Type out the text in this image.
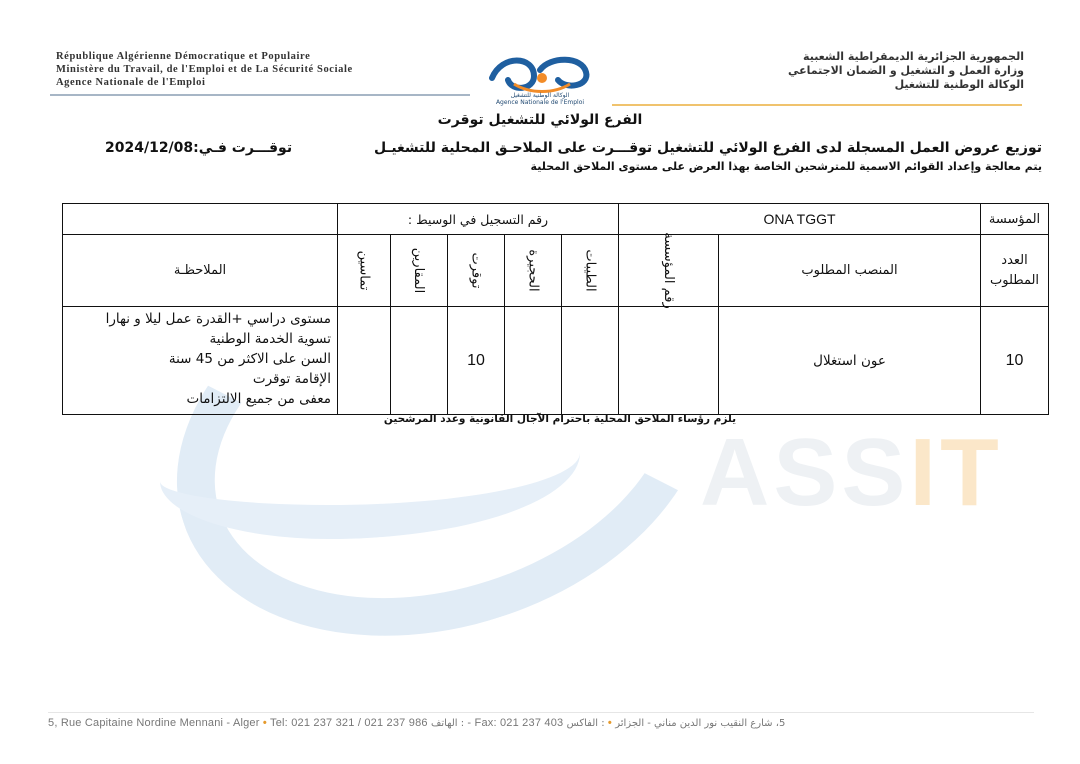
ASSIT
République Algérienne Démocratique et Populaire
Ministère du Travail, de l'Emploi et de La Sécurité Sociale
Agence Nationale de l'Emploi
الوكالة الوطنية للتشغيل
Agence Nationale de l'Emploi
الجمهورية الجزائرية الديمقراطية الشعبية
وزارة العمل و التشغيل و الضمان الاجتماعي
الوكالة الوطنية للتشغيل
الفرع الولائي للتشغيل توقرت
توزيع عروض العمل المسجلة لدى الفرع الولائي للتشغيل توقـــرت على الملاحـق المحلية للتشغيـل
توقـــرت فـي:2024/12/08
يتم معالجة وإعداد القوائم الاسمية للمترشحين الخاصة بهذا العرض على مستوى الملاحق المحلية
المؤسسة	ONA TGGT		رقم التسجيل في الوسيط :					
العدد المطلوب	المنصب المطلوب	رقم المؤسسة	الطيبات	الحجيرة	توقرت	المقارين	تماسين	الملاحظـة
10	عون استغلال				10			مستوى دراسي +القدرة عمل ليلا و نهارا
تسوية الخدمة الوطنية
السن على الاكثر من 45 سنة
الإقامة توقرت
معفى من جميع الالتزامات
يلزم رؤساء الملاحق المحلية باحترام الآجال القانونية وعدد المرشحين
5, Rue Capitaine Nordine Mennani - Alger • Tel: 021 237 321 / 021 237 986 : الهاتف - Fax: 021 237 403 : الفاكس • 5، شارع النقيب نور الدين مناني - الجزائر
